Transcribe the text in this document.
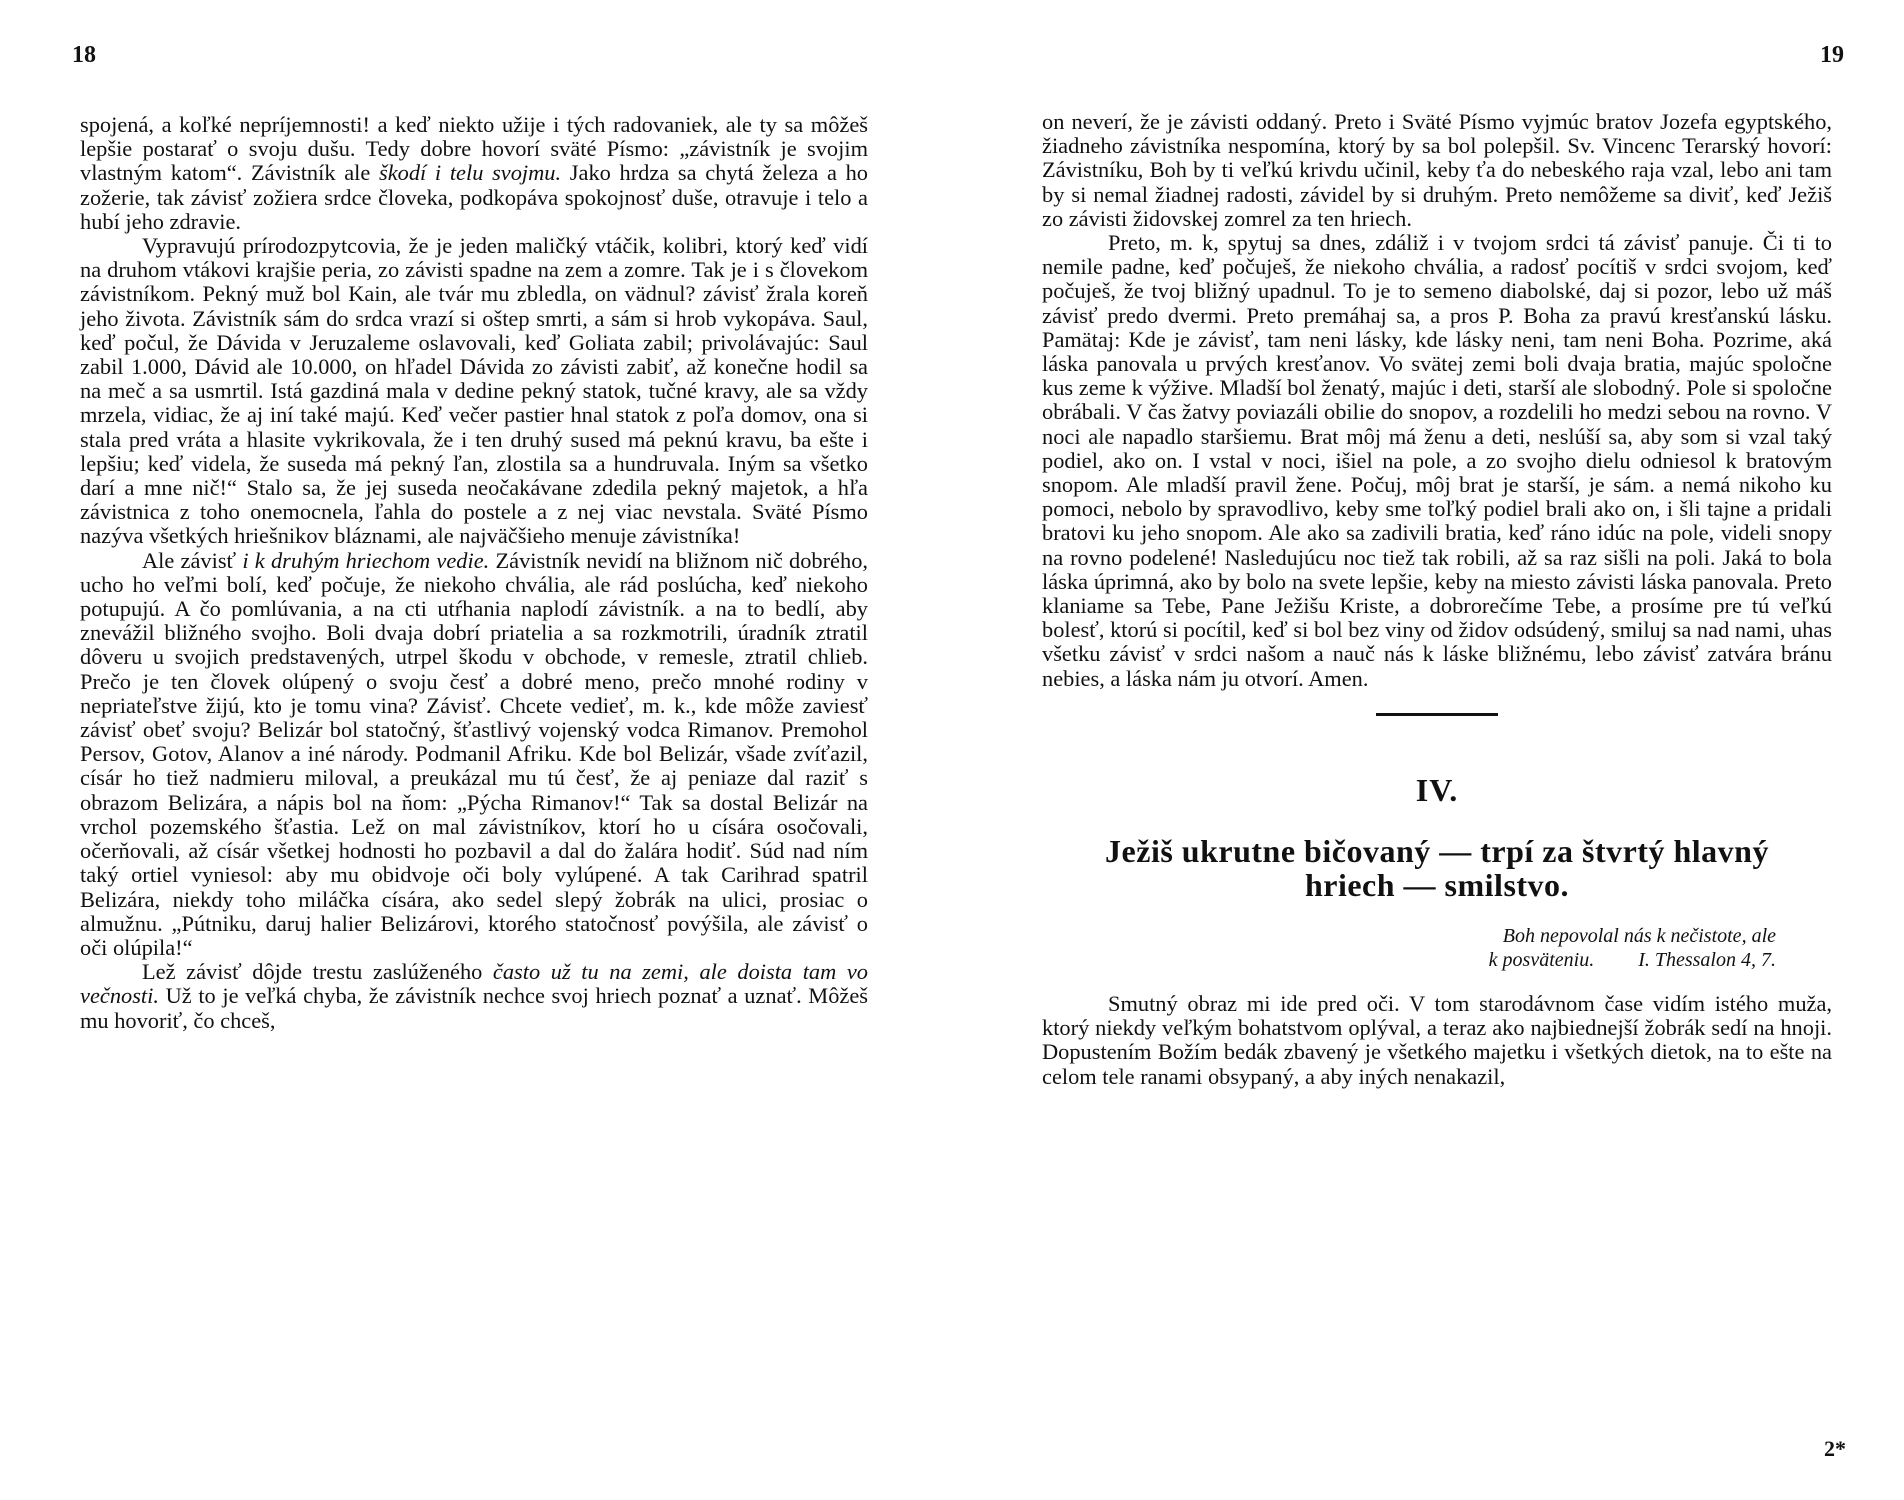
18

spojená, a koľké nepríjemnosti! a keď niekto užije i tých radovaniek, ale ty sa môžeš lepšie postarať o svoju dušu. Tedy dobre hovorí sväté Písmo: „závistník je svojim vlastným katom“. Závistník ale škodí i telu svojmu. Jako hrdza sa chytá železa a ho zožerie, tak závisť zožiera srdce človeka, podkopáva spokojnosť duše, otravuje i telo a hubí jeho zdravie.

Vypravujú prírodozpytcovia, že je jeden maličký vtáčik, kolibri, ktorý keď vidí na druhom vtákovi krajšie peria, zo závisti spadne na zem a zomre. Tak je i s človekom závistníkom. Pekný muž bol Kain, ale tvár mu zbledla, on vädnul? závisť žrala koreň jeho života. Závistník sám do srdca vrazí si oštep smrti, a sám si hrob vykopáva. Saul, keď počul, že Dávida v Jeruzaleme oslavovali, keď Goliata zabil; privolávajúc: Saul zabil 1.000, Dávid ale 10.000, on hľadel Dávida zo závisti zabiť, až konečne hodil sa na meč a sa usmrtil. Istá gazdiná mala v dedine pekný statok, tučné kravy, ale sa vždy mrzela, vidiac, že aj iní také majú. Keď večer pastier hnal statok z poľa domov, ona si stala pred vráta a hlasite vykrikovala, že i ten druhý sused má peknú kravu, ba ešte i lepšiu; keď videla, že suseda má pekný ľan, zlostila sa a hundruvala. Iným sa všetko darí a mne nič!“ Stalo sa, že jej suseda neočakávane zdedila pekný majetok, a hľa závistnica z toho onemocnela, ľahla do postele a z nej viac nevstala. Sväté Písmo nazýva všetkých hriešnikov bláznami, ale najväčšieho menuje závistníka!

Ale závisť i k druhým hriechom vedie. Závistník nevidí na bližnom nič dobrého, ucho ho veľmi bolí, keď počuje, že niekoho chvália, ale rád poslúcha, keď niekoho potupujú. A čo pomlúvania, a na cti utŕhania naplodí závistník. a na to bedlí, aby znevážil bližného svojho. Boli dvaja dobrí priatelia a sa rozkmotrili, úradník ztratil dôveru u svojich predstavených, utrpel škodu v obchode, v remesle, ztratil chlieb. Prečo je ten človek olúpený o svoju česť a dobré meno, prečo mnohé rodiny v nepriateľstve žijú, kto je tomu vina? Závisť. Chcete vedieť, m. k., kde môže zaviesť závisť obeť svoju? Belizár bol statočný, šťastlivý vojenský vodca Rimanov. Premohol Persov, Gotov, Alanov a iné národy. Podmanil Afriku. Kde bol Belizár, všade zvíťazil, císár ho tiež nadmieru miloval, a preukázal mu tú česť, že aj peniaze dal raziť s obrazom Belizára, a nápis bol na ňom: „Pýcha Rimanov!“ Tak sa dostal Belizár na vrchol pozemského šťastia. Lež on mal závistníkov, ktorí ho u císára osočovali, očerňovali, až císár všetkej hodnosti ho pozbavil a dal do žalára hodiť. Súd nad ním taký ortiel vyniesol: aby mu obidvoje oči boly vylúpené. A tak Carihrad spatril Belizára, niekdy toho miláčka císára, ako sedel slepý žobrák na ulici, prosiac o almužnu. „Pútniku, daruj halier Belizárovi, ktorého statočnosť povýšila, ale závisť o oči olúpila!“

Lež závisť dôjde trestu zaslúženého často už tu na zemi, ale doista tam vo večnosti. Už to je veľká chyba, že závistník nechce svoj hriech poznať a uznať. Môžeš mu hovoriť, čo chceš,

19

on neverí, že je závisti oddaný. Preto i Sväté Písmo vyjmúc bratov Jozefa egyptského, žiadneho závistníka nespomína, ktorý by sa bol polepšil. Sv. Vincenc Terarský hovorí: Závistníku, Boh by ti veľkú krivdu učinil, keby ťa do nebeského raja vzal, lebo ani tam by si nemal žiadnej radosti, závidel by si druhým. Preto nemôžeme sa diviť, keď Ježiš zo závisti židovskej zomrel za ten hriech.

Preto, m. k, spytuj sa dnes, zdáliž i v tvojom srdci tá závisť panuje. Či ti to nemile padne, keď počuješ, že niekoho chvália, a radosť pocítiš v srdci svojom, keď počuješ, že tvoj bližný upadnul. To je to semeno diabolské, daj si pozor, lebo už máš závisť predo dvermi. Preto premáhaj sa, a pros P. Boha za pravú kresťanskú lásku. Pamätaj: Kde je závisť, tam neni lásky, kde lásky neni, tam neni Boha. Pozrime, aká láska panovala u prvých kresťanov. Vo svätej zemi boli dvaja bratia, majúc spoločne kus zeme k výžive. Mladší bol ženatý, majúc i deti, starší ale slobodný. Pole si spoločne obrábali. V čas žatvy poviazáli obilie do snopov, a rozdelili ho medzi sebou na rovno. V noci ale napadlo staršiemu. Brat môj má ženu a deti, neslúší sa, aby som si vzal taký podiel, ako on. I vstal v noci, išiel na pole, a zo svojho dielu odniesol k bratovým snopom. Ale mladší pravil žene. Počuj, môj brat je starší, je sám. a nemá nikoho ku pomoci, nebolo by spravodlivo, keby sme toľký podiel brali ako on, i šli tajne a pridali bratovi ku jeho snopom. Ale ako sa zadivili bratia, keď ráno idúc na pole, videli snopy na rovno podelené! Nasledujúcu noc tiež tak robili, až sa raz sišli na poli. Jaká to bola láska úprimná, ako by bolo na svete lepšie, keby na miesto závisti láska panovala. Preto klaniame sa Tebe, Pane Ježišu Kriste, a dobrorečíme Tebe, a prosíme pre tú veľkú bolesť, ktorú si pocítil, keď si bol bez viny od židov odsúdený, smiluj sa nad nami, uhas všetku závisť v srdci našom a nauč nás k láske bližnému, lebo závisť zatvára bránu nebies, a láska nám ju otvorí. Amen.

IV.
Ježiš ukrutne bičovaný — trpí za štvrtý hlavný
hriech — smilstvo.
Boh nepovolal nás k nečistote, ale
k posväteniu. I. Thessalon 4, 7.

Smutný obraz mi ide pred oči. V tom starodávnom čase vidím istého muža, ktorý niekdy veľkým bohatstvom oplýval, a teraz ako najbiednejší žobrák sedí na hnoji. Dopustením Božím bedák zbavený je všetkého majetku i všetkých dietok, na to ešte na celom tele ranami obsypaný, a aby iných nenakazil,

2*
